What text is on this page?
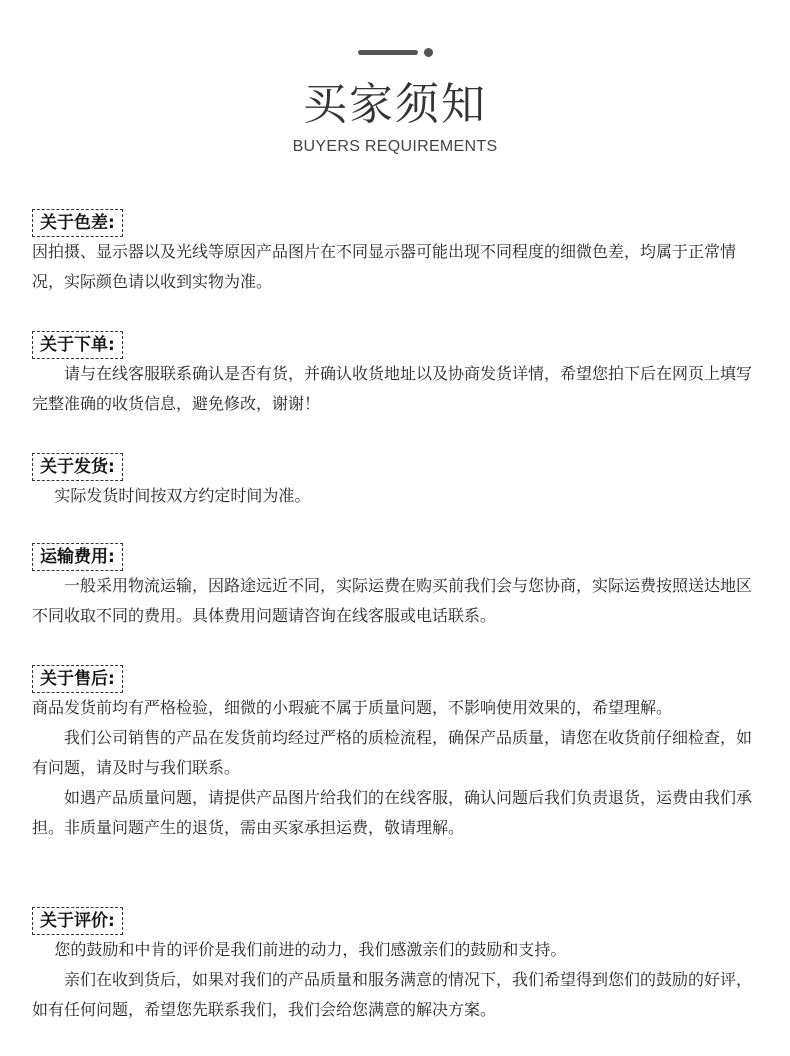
买家须知
BUYERS REQUIREMENTS
关于色差:

因拍摄、显示器以及光线等原因产品图片在不同显示器可能出现不同程度的细微色差，均属于正常情况，实际颜色请以收到实物为准。

关于下单:

请与在线客服联系确认是否有货，并确认收货地址以及协商发货详情，希望您拍下后在网页上填写完整准确的收货信息，避免修改，谢谢！

关于发货:

实际发货时间按双方约定时间为准。

运输费用:

一般采用物流运输，因路途远近不同，实际运费在购买前我们会与您协商，实际运费按照送达地区不同收取不同的费用。具体费用问题请咨询在线客服或电话联系。

关于售后:

商品发货前均有严格检验，细微的小瑕疵不属于质量问题，不影响使用效果的，希望理解。

我们公司销售的产品在发货前均经过严格的质检流程，确保产品质量，请您在收货前仔细检查，如有问题，请及时与我们联系。

如遇产品质量问题，请提供产品图片给我们的在线客服，确认问题后我们负责退货，运费由我们承担。非质量问题产生的退货，需由买家承担运费，敬请理解。

关于评价:

您的鼓励和中肯的评价是我们前进的动力，我们感激亲们的鼓励和支持。

亲们在收到货后，如果对我们的产品质量和服务满意的情况下，我们希望得到您们的鼓励的好评，如有任何问题，希望您先联系我们，我们会给您满意的解决方案。
